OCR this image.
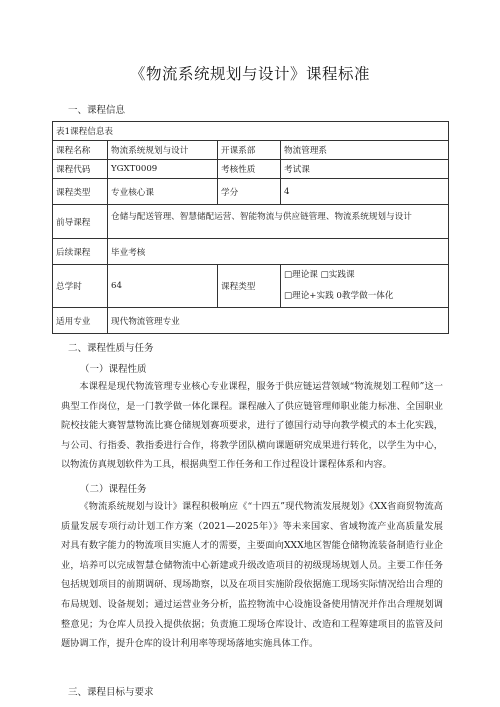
《物流系统规划与设计》课程标准
一、课程信息
表1课程信息表			
课程名称	物流系统规划与设计	开课系部	物流管理系
课程代码	YGXT0009	考核性质	考试课
课程类型	专业核心课	学分	4
前导课程	仓储与配送管理、智慧储配运营、智能物流与供应链管理、物流系统规划与设计		
后续课程	毕业考核		
总学时	64	课程类型	□理论课 □实践课
□理论+实践 0教学做一体化

适用专业	现代物流管理专业		
二、课程性质与任务
（一）课程性质

本课程是现代物流管理专业核心专业课程，服务于供应链运营领域“物流规划工程师”这一典型工作岗位，是一门教学做一体化课程。课程融入了供应链管理师职业能力标准、全国职业院校技能大赛智慧物流比赛仓储规划赛项要求，进行了德国行动导向教学模式的本土化实践，与公司、行指委、教指委进行合作，将教学团队横向课题研究成果进行转化，以学生为中心，以物流仿真规划软件为工具，根据典型工作任务和工作过程设计课程体系和内容。

（二）课程任务

《物流系统规划与设计》课程积极响应《“十四五”现代物流发展规划》《XX省商贸物流高质量发展专项行动计划工作方案（2021—2025年）》等未来国家、省域物流产业高质量发展对具有数字能力的物流项目实施人才的需要，主要面向XXX地区智能仓储物流装备制造行业企业，培养可以完成智慧仓储物流中心新建或升级改造项目的初级现场规划人员。主要工作任务包括规划项目的前期调研、现场勘察，以及在项目实施阶段依据施工现场实际情况给出合理的布局规划、设备规划；通过运营业务分析，监控物流中心设施设备使用情况并作出合理规划调整意见；为仓库人员投入提供依据；负责施工现场仓库设计、改造和工程筹建项目的监管及问题协调工作，提升仓库的设计利用率等现场落地实施具体工作。

三、课程目标与要求
